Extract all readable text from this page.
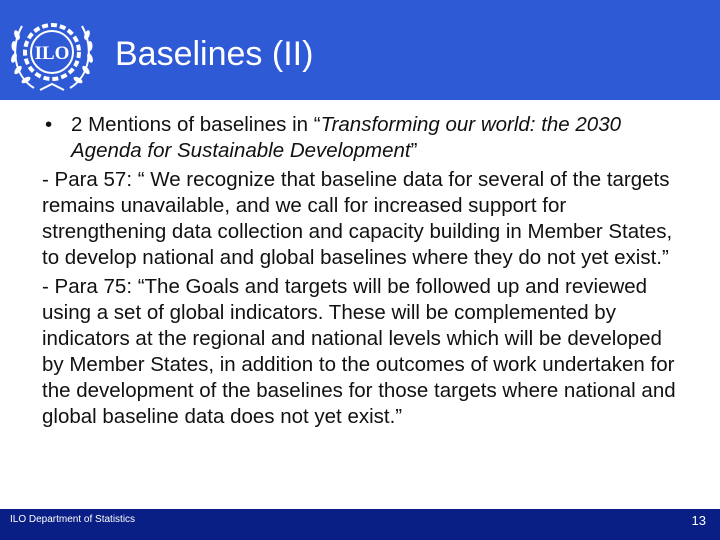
ILO Baselines (II)
• 2 Mentions of baselines in “Transforming our world: the 2030 Agenda for Sustainable Development”

- Para 57: “ We recognize that baseline data for several of the targets remains unavailable, and we call for increased support for strengthening data collection and capacity building in Member States, to develop national and global baselines where they do not yet exist.”

- Para 75: “The Goals and targets will be followed up and reviewed using a set of global indicators. These will be complemented by indicators at the regional and national levels which will be developed by Member States, in addition to the outcomes of work undertaken for the development of the baselines for those targets where national and global baseline data does not yet exist.”

ILO Department of Statistics	13
